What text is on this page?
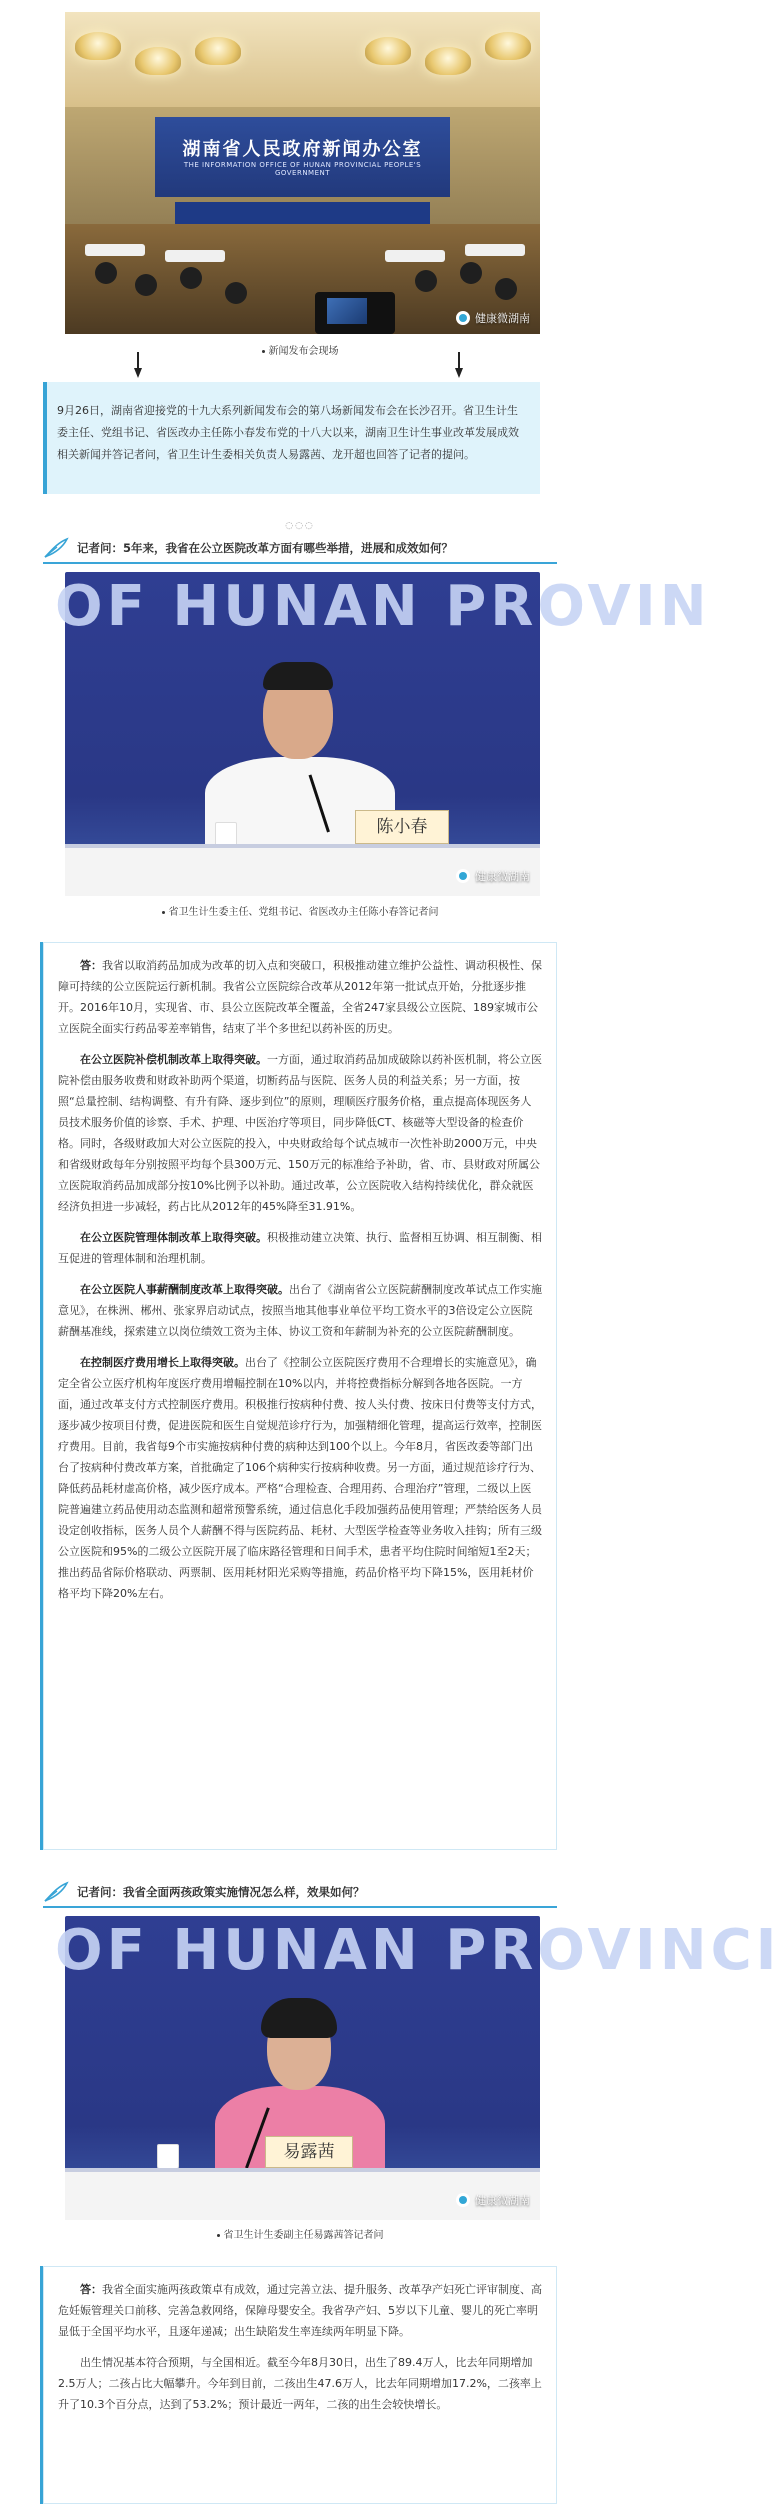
湖南省人民政府新闻办公室
THE INFORMATION OFFICE OF HUNAN PROVINCIAL PEOPLE'S GOVERNMENT
健康微湖南
新闻发布会现场
9月26日，湖南省迎接党的十九大系列新闻发布会的第八场新闻发布会在长沙召开。省卫生计生委主任、党组书记、省医改办主任陈小春发布党的十八大以来，湖南卫生计生事业改革发展成效相关新闻并答记者问，省卫生计生委相关负责人易露茜、龙开超也回答了记者的提问。
◌◌◌
记者问：5年来，我省在公立医院改革方面有哪些举措，进展和成效如何？
OF HUNAN PROVIN
陈小春
健康微湖南
省卫生计生委主任、党组书记、省医改办主任陈小春答记者问

答：我省以取消药品加成为改革的切入点和突破口，积极推动建立维护公益性、调动积极性、保障可持续的公立医院运行新机制。我省公立医院综合改革从2012年第一批试点开始，分批逐步推开。2016年10月，实现省、市、县公立医院改革全覆盖，全省247家县级公立医院、189家城市公立医院全面实行药品零差率销售，结束了半个多世纪以药补医的历史。

在公立医院补偿机制改革上取得突破。一方面，通过取消药品加成破除以药补医机制，将公立医院补偿由服务收费和财政补助两个渠道，切断药品与医院、医务人员的利益关系；另一方面，按照“总量控制、结构调整、有升有降、逐步到位”的原则，理顺医疗服务价格，重点提高体现医务人员技术服务价值的诊察、手术、护理、中医治疗等项目，同步降低CT、核磁等大型设备的检查价格。同时，各级财政加大对公立医院的投入，中央财政给每个试点城市一次性补助2000万元，中央和省级财政每年分别按照平均每个县300万元、150万元的标准给予补助，省、市、县财政对所属公立医院取消药品加成部分按10%比例予以补助。通过改革，公立医院收入结构持续优化，群众就医经济负担进一步减轻，药占比从2012年的45%降至31.91%。

在公立医院管理体制改革上取得突破。积极推动建立决策、执行、监督相互协调、相互制衡、相互促进的管理体制和治理机制。

在公立医院人事薪酬制度改革上取得突破。出台了《湖南省公立医院薪酬制度改革试点工作实施意见》，在株洲、郴州、张家界启动试点，按照当地其他事业单位平均工资水平的3倍设定公立医院薪酬基准线，探索建立以岗位绩效工资为主体、协议工资和年薪制为补充的公立医院薪酬制度。

在控制医疗费用增长上取得突破。出台了《控制公立医院医疗费用不合理增长的实施意见》，确定全省公立医疗机构年度医疗费用增幅控制在10%以内，并将控费指标分解到各地各医院。一方面，通过改革支付方式控制医疗费用。积极推行按病种付费、按人头付费、按床日付费等支付方式，逐步减少按项目付费，促进医院和医生自觉规范诊疗行为，加强精细化管理，提高运行效率，控制医疗费用。目前，我省每9个市实施按病种付费的病种达到100个以上。今年8月，省医改委等部门出台了按病种付费改革方案，首批确定了106个病种实行按病种收费。另一方面，通过规范诊疗行为、降低药品耗材虚高价格，减少医疗成本。严格“合理检查、合理用药、合理治疗”管理，二级以上医院普遍建立药品使用动态监测和超常预警系统，通过信息化手段加强药品使用管理；严禁给医务人员设定创收指标，医务人员个人薪酬不得与医院药品、耗材、大型医学检查等业务收入挂钩；所有三级公立医院和95%的二级公立医院开展了临床路径管理和日间手术，患者平均住院时间缩短1至2天；推出药品省际价格联动、两票制、医用耗材阳光采购等措施，药品价格平均下降15%，医用耗材价格平均下降20%左右。

记者问：我省全面两孩政策实施情况怎么样，效果如何？
OF HUNAN PROVINCI
易露茜
健康微湖南
省卫生计生委副主任易露茜答记者问

答：我省全面实施两孩政策卓有成效，通过完善立法、提升服务、改革孕产妇死亡评审制度、高危妊娠管理关口前移、完善急救网络，保障母婴安全。我省孕产妇、5岁以下儿童、婴儿的死亡率明显低于全国平均水平，且逐年递减；出生缺陷发生率连续两年明显下降。

出生情况基本符合预期，与全国相近。截至今年8月30日，出生了89.4万人，比去年同期增加2.5万人；二孩占比大幅攀升。今年到目前，二孩出生47.6万人，比去年同期增加17.2%，二孩率上升了10.3个百分点，达到了53.2%；预计最近一两年，二孩的出生会较快增长。
